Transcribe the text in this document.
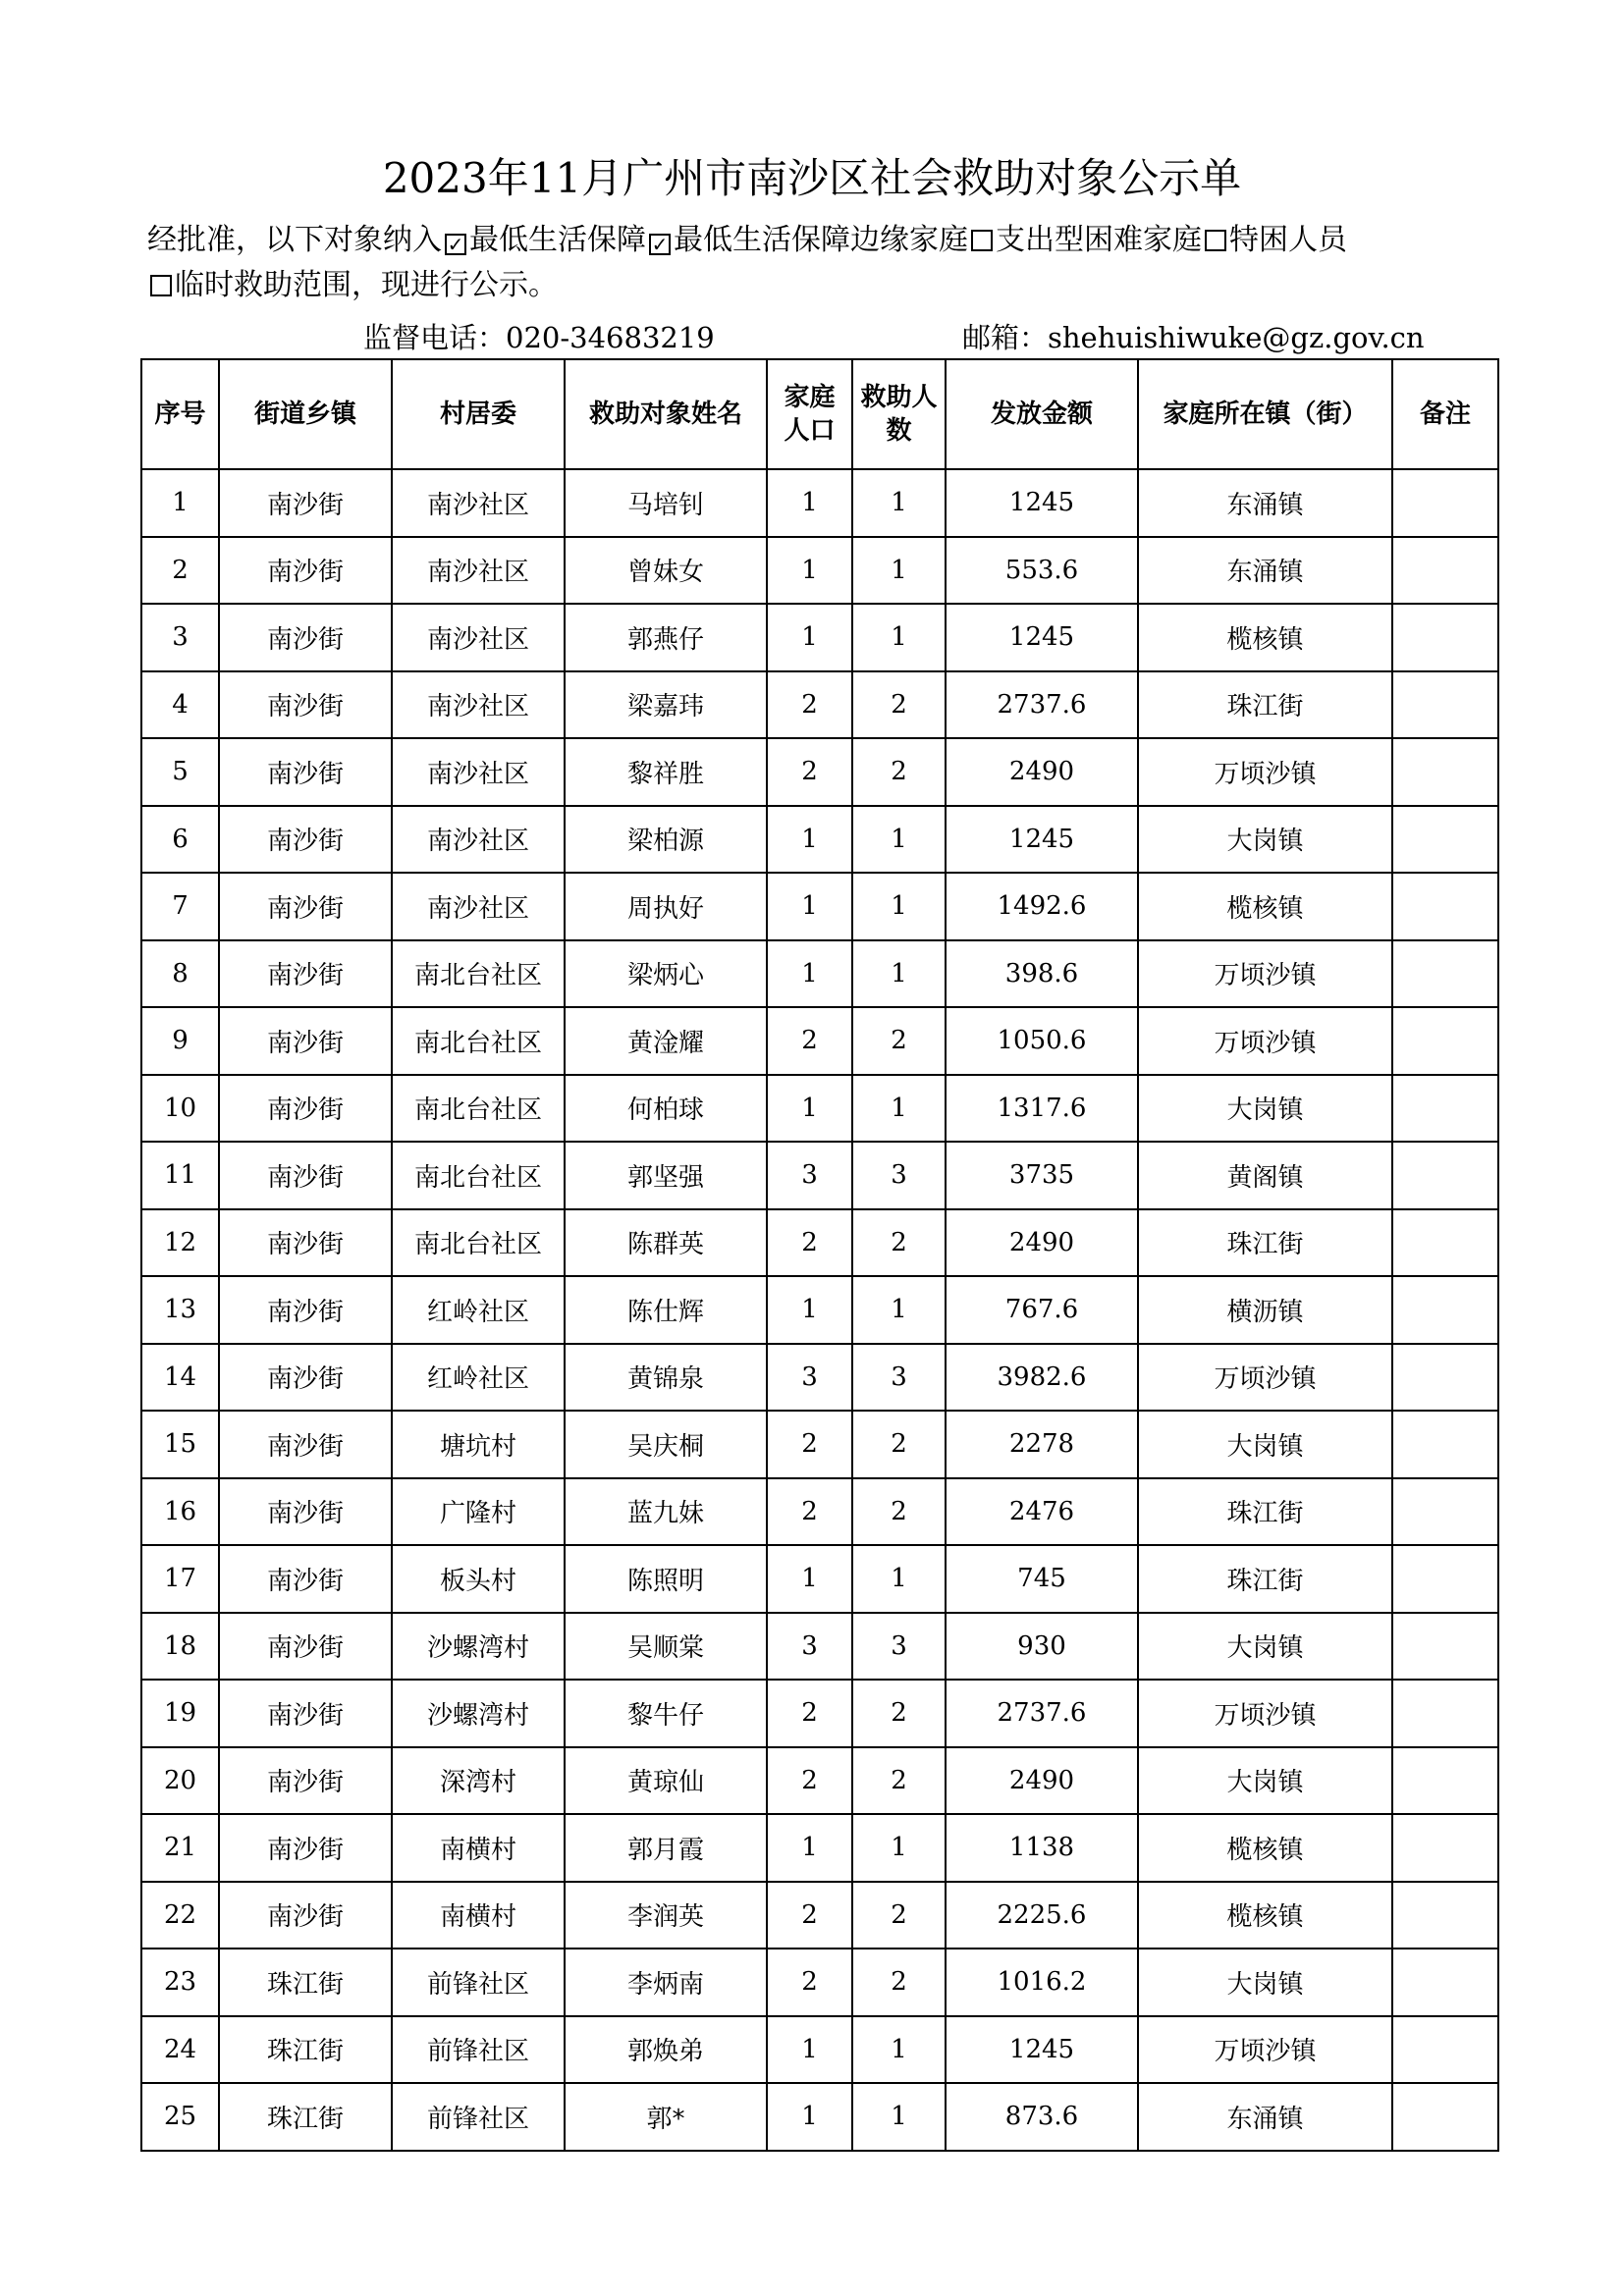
2023年11月广州市南沙区社会救助对象公示单
经批准，以下对象纳入 ✓ 最低生活保障 ✓ 最低生活保障边缘家庭 支出型困难家庭 特困人员
临时救助范围，现进行公示。
监督电话：020-34683219	邮箱：shehuishiwuke@gz.gov.cn
序号	街道乡镇	村居委	救助对象姓名	家庭人口	救助人数	发放金额	家庭所在镇（街）	备注
1	南沙街	南沙社区	马培钊	1	1	1245	东涌镇	
2	南沙街	南沙社区	曾妹女	1	1	553.6	东涌镇	
3	南沙街	南沙社区	郭燕仔	1	1	1245	榄核镇	
4	南沙街	南沙社区	梁嘉玮	2	2	2737.6	珠江街	
5	南沙街	南沙社区	黎祥胜	2	2	2490	万顷沙镇	
6	南沙街	南沙社区	梁柏源	1	1	1245	大岗镇	
7	南沙街	南沙社区	周执好	1	1	1492.6	榄核镇	
8	南沙街	南北台社区	梁炳心	1	1	398.6	万顷沙镇	
9	南沙街	南北台社区	黄淦耀	2	2	1050.6	万顷沙镇	
10	南沙街	南北台社区	何柏球	1	1	1317.6	大岗镇	
11	南沙街	南北台社区	郭坚强	3	3	3735	黄阁镇	
12	南沙街	南北台社区	陈群英	2	2	2490	珠江街	
13	南沙街	红岭社区	陈仕辉	1	1	767.6	横沥镇	
14	南沙街	红岭社区	黄锦泉	3	3	3982.6	万顷沙镇	
15	南沙街	塘坑村	吴庆桐	2	2	2278	大岗镇	
16	南沙街	广隆村	蓝九妹	2	2	2476	珠江街	
17	南沙街	板头村	陈照明	1	1	745	珠江街	
18	南沙街	沙螺湾村	吴顺棠	3	3	930	大岗镇	
19	南沙街	沙螺湾村	黎牛仔	2	2	2737.6	万顷沙镇	
20	南沙街	深湾村	黄琼仙	2	2	2490	大岗镇	
21	南沙街	南横村	郭月霞	1	1	1138	榄核镇	
22	南沙街	南横村	李润英	2	2	2225.6	榄核镇	
23	珠江街	前锋社区	李炳南	2	2	1016.2	大岗镇	
24	珠江街	前锋社区	郭焕弟	1	1	1245	万顷沙镇	
25	珠江街	前锋社区	郭*	1	1	873.6	东涌镇	
